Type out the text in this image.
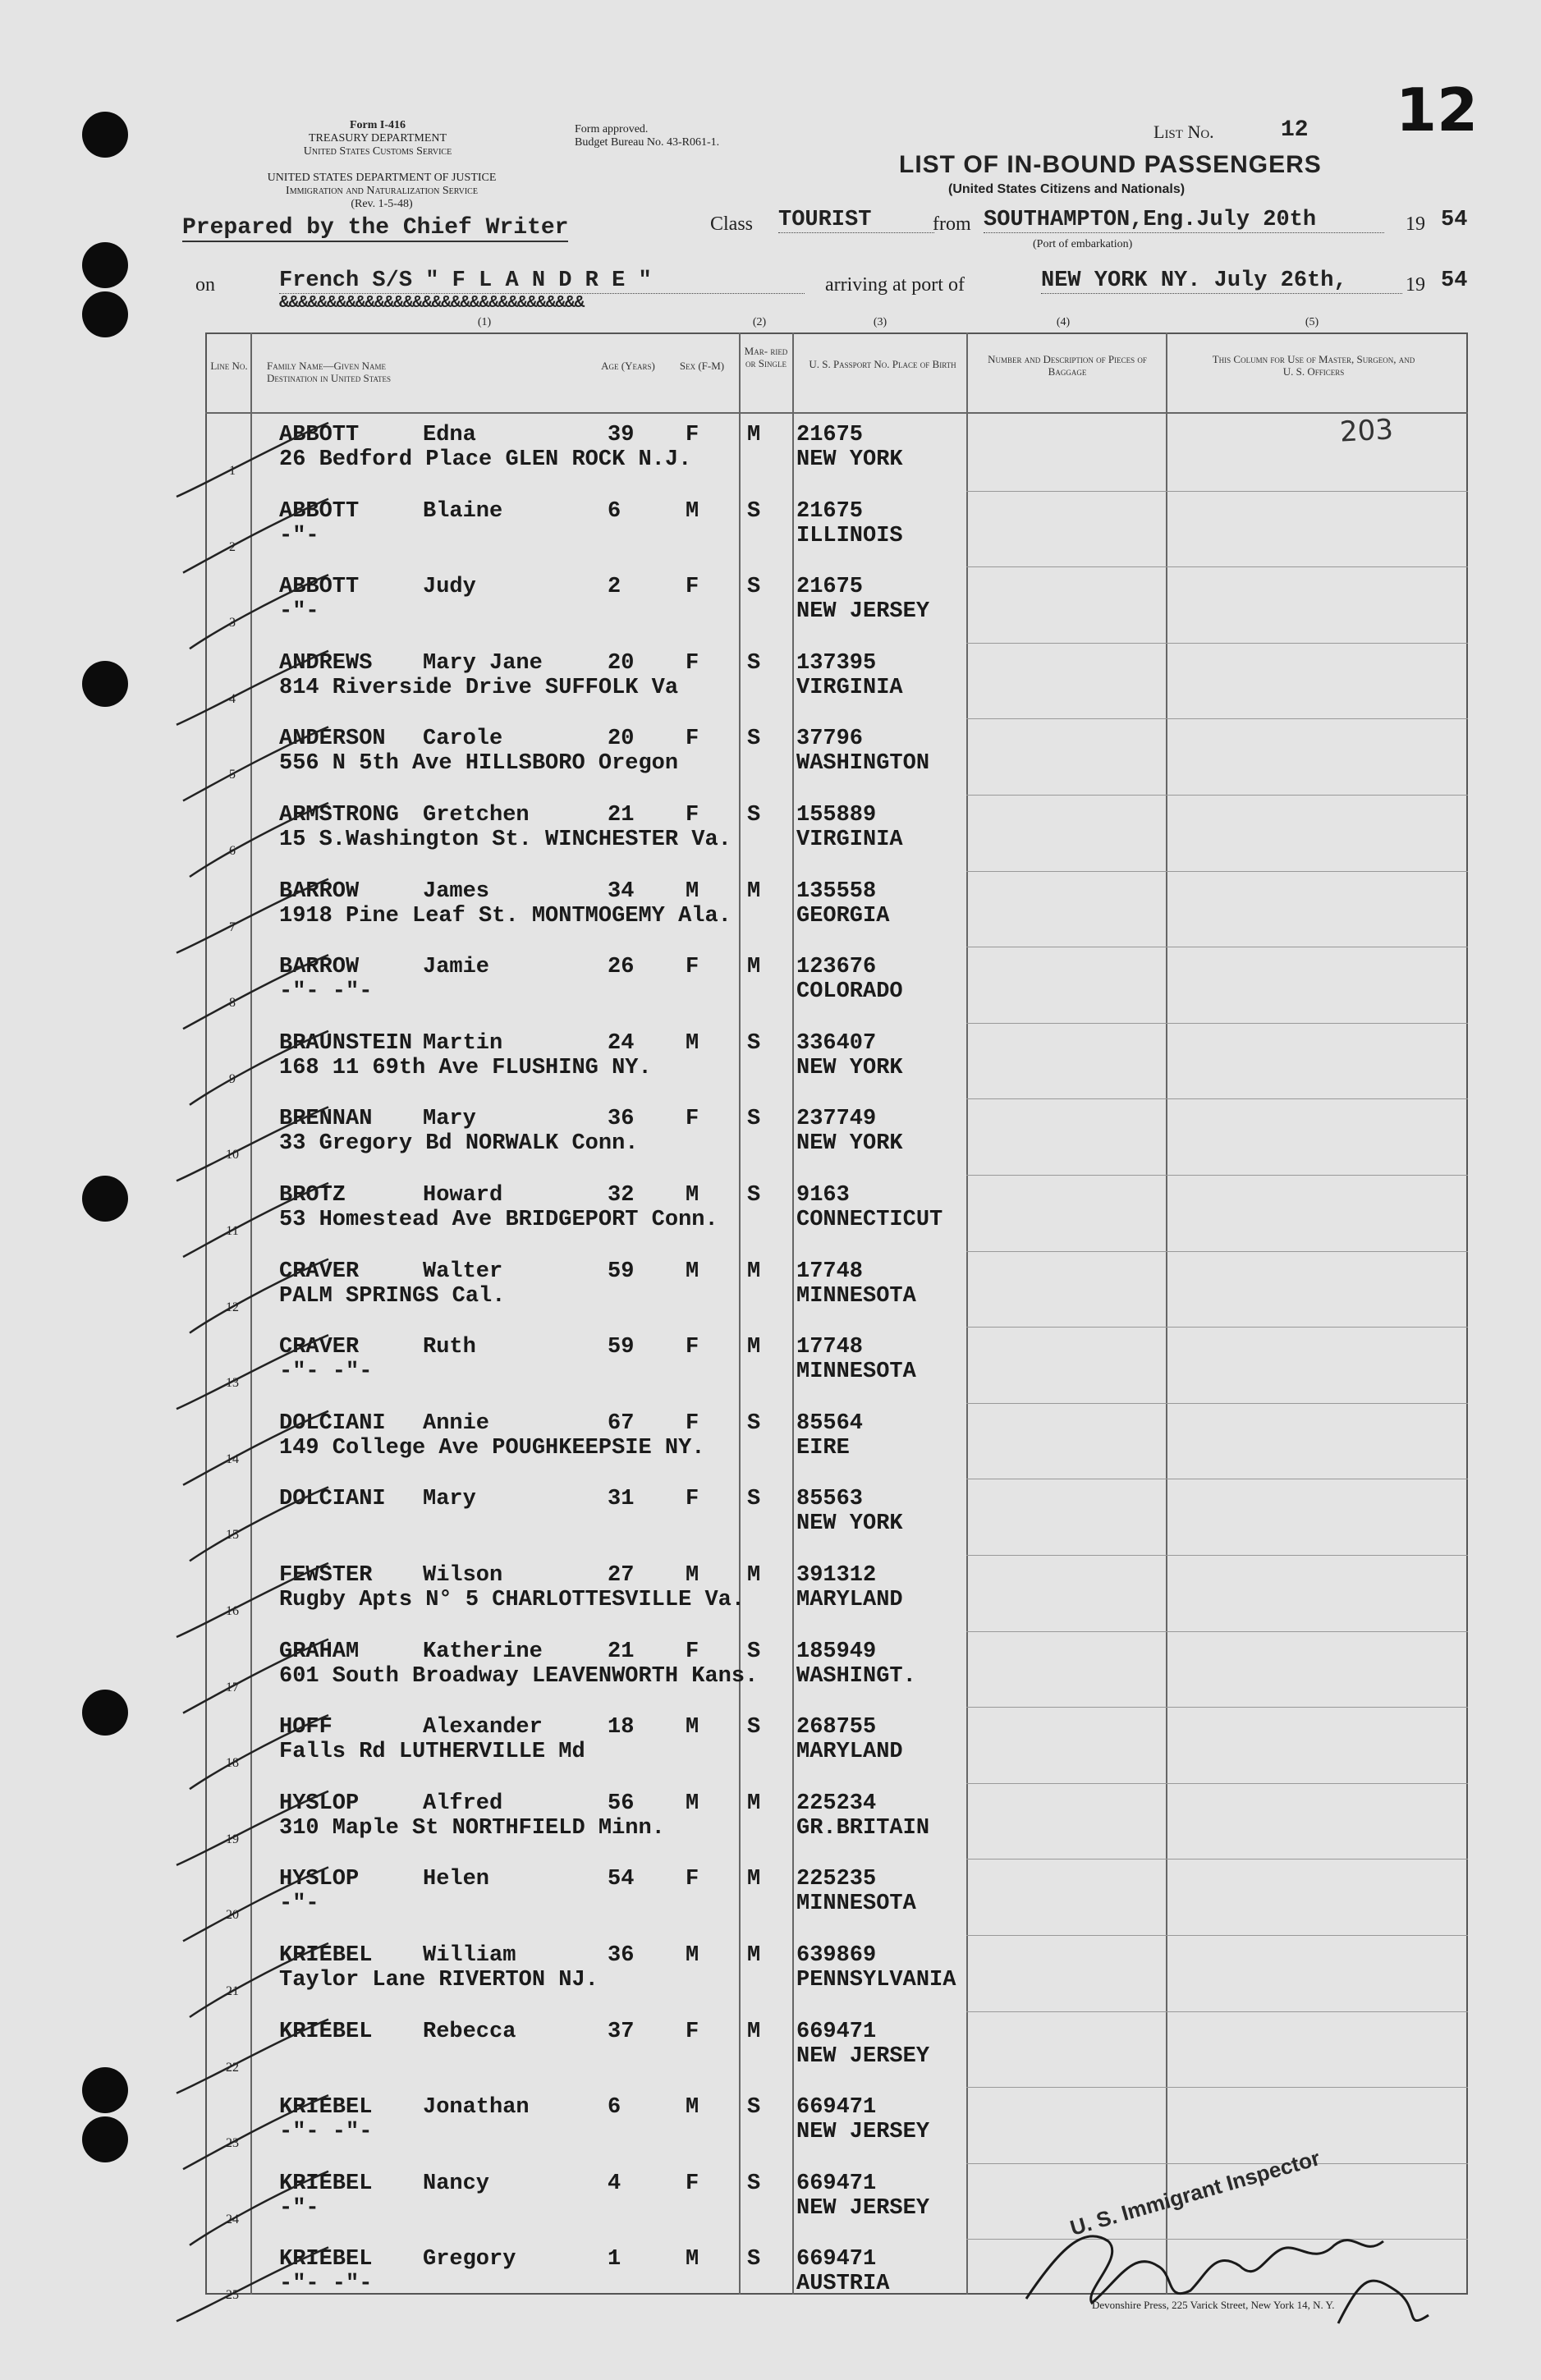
Form I-416
TREASURY DEPARTMENT
United States Customs Service
UNITED STATES DEPARTMENT OF JUSTICE
Immigration and Naturalization Service
(Rev. 1-5-48)
Form approved.
Budget Bureau No. 43-R061-1.
List No.	12 12
LIST OF IN-BOUND PASSENGERS
(United States Citizens and Nationals)
Prepared by the Chief Writer	Class TOURIST	from SOUTHAMPTON,Eng.July 20th	19 54
(Port of embarkation)
on	French S/S " F L A N D R E "
&&&&&&&&&&&&&&&&&&&&&&&&&&&&&&&&
arriving at port of	NEW YORK NY. July 26th,	19 54
(1)	(2)	(3)	(4)	(5)
Line No. Family Name—Given Name
Destination in United States
Age (Years) Sex (F-M)
Mar- ried or Single	U. S. Passport No. Place of Birth	Number and Description of Pieces of Baggage
This Column for Use of Master, Surgeon, and U. S. Officers
203
1
ABBOTT	Edna	39 F M 21675
26 Bedford Place GLEN ROCK N.J.	NEW YORK
2
ABBOTT	Blaine	6	M S 21675
-"-	ILLINOIS
3
ABBOTT	Judy	2	F S 21675
-"-	NEW JERSEY
4
ANDREWS Mary Jane	20 F S 137395
814 Riverside Drive SUFFOLK Va	VIRGINIA
5
ANDERSON Carole	20 F S 37796
556 N 5th Ave HILLSBORO Oregon	WASHINGTON
6
ARMSTRONG Gretchen	21 F S 155889
15 S.Washington St. WINCHESTER Va.	VIRGINIA
7
BARROW	James	34 M M 135558
1918 Pine Leaf St. MONTMOGEMY Ala.	GEORGIA
8
BARROW	Jamie	26 F M 123676
-"- -"-	COLORADO
9
BRAUNSTEIN Martin	24 M S 336407
168 11 69th Ave FLUSHING NY.	NEW YORK
10
BRENNAN Mary	36 F S 237749
33 Gregory Bd NORWALK Conn.	NEW YORK
11
BROTZ	Howard	32 M S 9163
53 Homestead Ave BRIDGEPORT Conn.	CONNECTICUT
12
CRAVER	Walter	59 M M 17748
PALM SPRINGS Cal.	MINNESOTA
13
CRAVER	Ruth	59 F M 17748
-"- -"-	MINNESOTA
14
DOLCIANI Annie	67 F S 85564
149 College Ave POUGHKEEPSIE NY.	EIRE
15
DOLCIANI Mary	31 F S 85563
NEW YORK
16
FEWSTER Wilson	27 M M 391312
Rugby Apts N° 5 CHARLOTTESVILLE Va. MARYLAND
17
GRAHAM	Katherine	21 F S 185949
601 South Broadway LEAVENWORTH Kans. WASHINGT.
18
HOFF	Alexander	18 M S 268755
Falls Rd LUTHERVILLE Md	MARYLAND
19
HYSLOP	Alfred	56 M M 225234
310 Maple St NORTHFIELD Minn.	GR.BRITAIN
20
HYSLOP	Helen	54 F M 225235
-"-	MINNESOTA
21
KRIEBEL William	36 M M 639869
Taylor Lane RIVERTON NJ.	PENNSYLVANIA
22
KRIEBEL Rebecca	37 F M 669471
NEW JERSEY
23
KRIEBEL Jonathan	6	M S 669471
-"- -"-	NEW JERSEY
24
KRIEBEL Nancy	4	F S 669471
-"-	NEW JERSEY
25
KRIEBEL Gregory	1	M S 669471
-"- -"-	AUSTRIA
U. S. Immigrant Inspector
Devonshire Press, 225 Varick Street, New York 14, N. Y.
